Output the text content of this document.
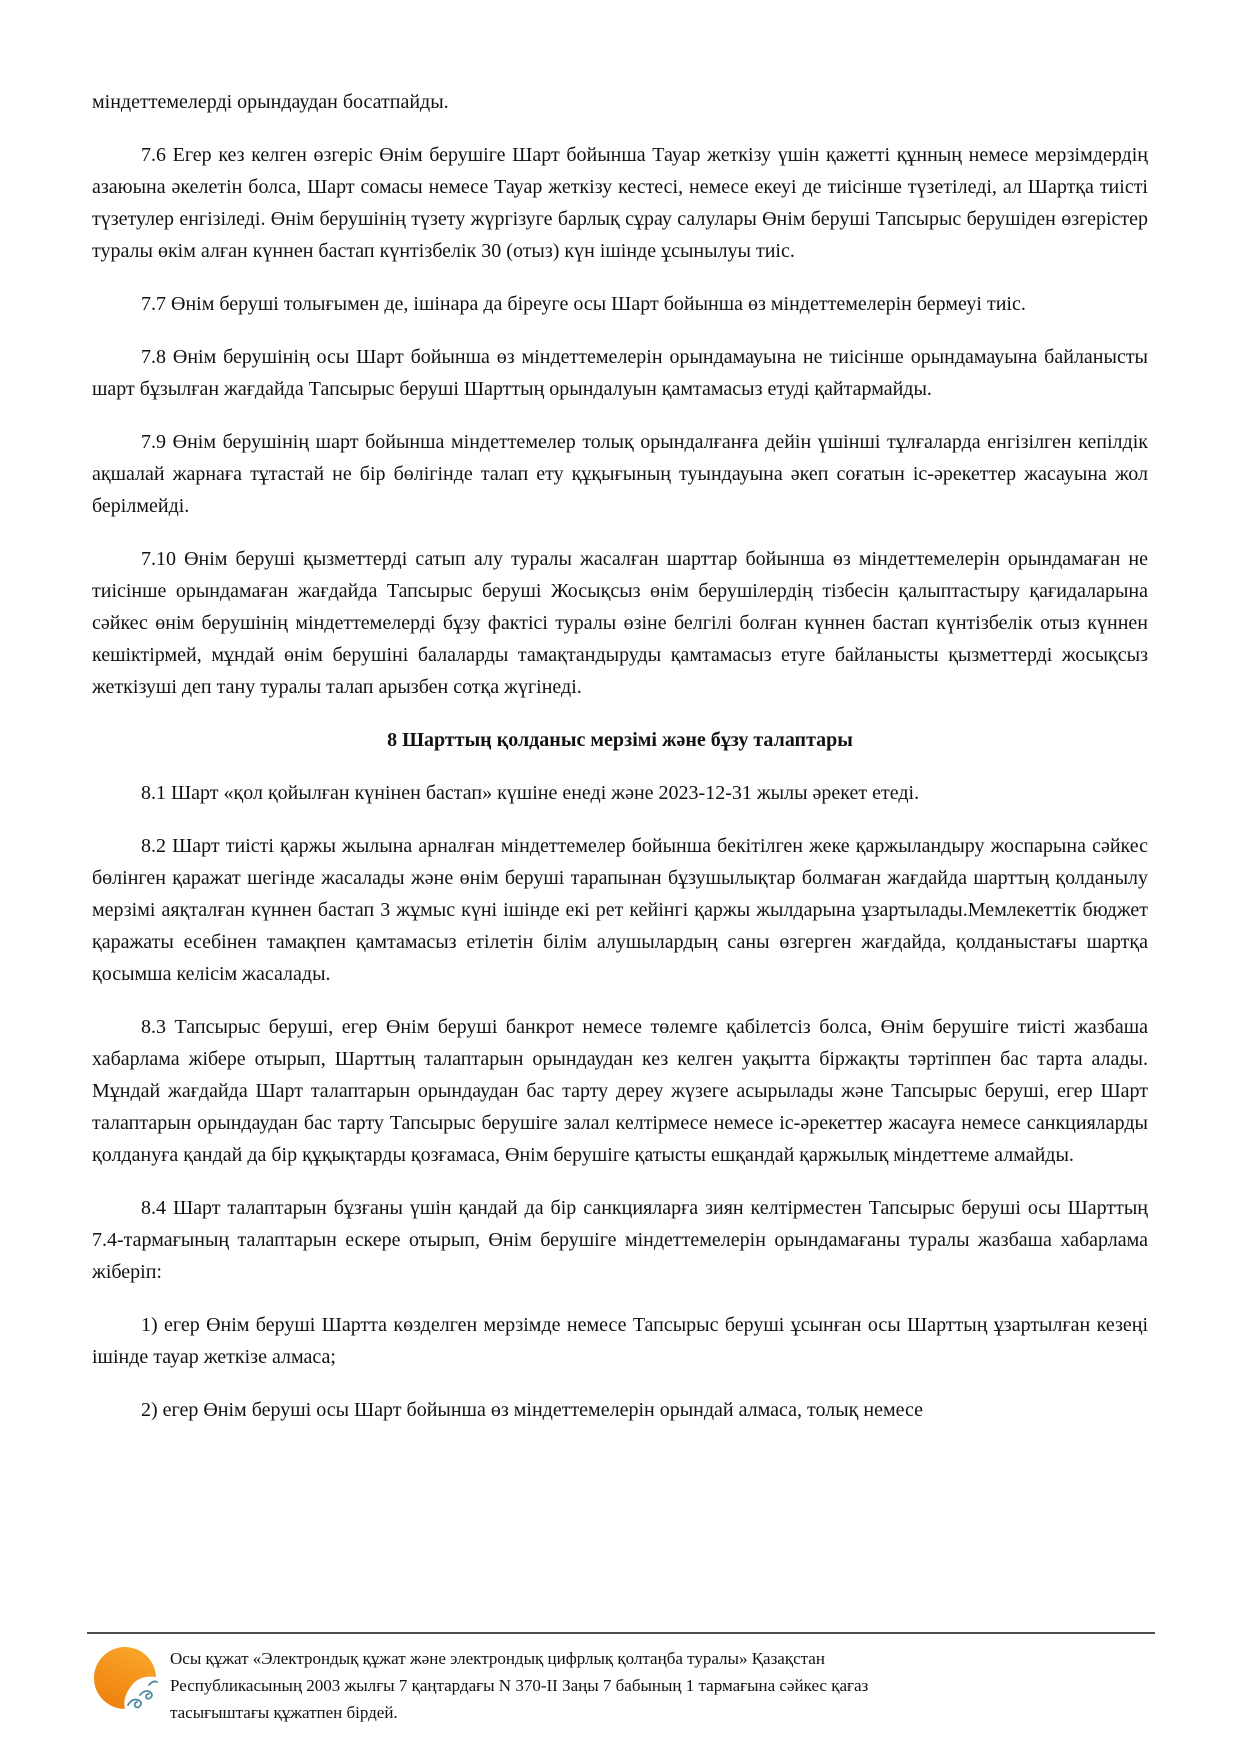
міндеттемелерді орындаудан босатпайды.

7.6 Егер кез келген өзгеріс Өнім берушіге Шарт бойынша Тауар жеткізу үшін қажетті құнның немесе мерзімдердің азаюына әкелетін болса, Шарт сомасы немесе Тауар жеткізу кестесі, немесе екеуі де тиісінше түзетіледі, ал Шартқа тиісті түзетулер енгізіледі. Өнім берушінің түзету жүргізуге барлық сұрау салулары Өнім беруші Тапсырыс берушіден өзгерістер туралы өкім алған күннен бастап күнтізбелік 30 (отыз) күн ішінде ұсынылуы тиіс.

7.7 Өнім беруші толығымен де, ішінара да біреуге осы Шарт бойынша өз міндеттемелерін бермеуі тиіс.

7.8 Өнім берушінің осы Шарт бойынша өз міндеттемелерін орындамауына не тиісінше орындамауына байланысты шарт бұзылған жағдайда Тапсырыс беруші Шарттың орындалуын қамтамасыз етуді қайтармайды.

7.9 Өнім берушінің шарт бойынша міндеттемелер толық орындалғанға дейін үшінші тұлғаларда енгізілген кепілдік ақшалай жарнаға тұтастай не бір бөлігінде талап ету құқығының туындауына әкеп соғатын іс-әрекеттер жасауына жол берілмейді.

7.10 Өнім беруші қызметтерді сатып алу туралы жасалған шарттар бойынша өз міндеттемелерін орындамаған не тиісінше орындамаған жағдайда Тапсырыс беруші Жосықсыз өнім берушілердің тізбесін қалыптастыру қағидаларына сәйкес өнім берушінің міндеттемелерді бұзу фактісі туралы өзіне белгілі болған күннен бастап күнтізбелік отыз күннен кешіктірмей, мұндай өнім берушіні балаларды тамақтандыруды қамтамасыз етуге байланысты қызметтерді жосықсыз жеткізуші деп тану туралы талап арызбен сотқа жүгінеді.

8 Шарттың қолданыс мерзімі және бұзу талаптары

8.1 Шарт «қол қойылған күнінен бастап» күшіне енеді және 2023-12-31 жылы әрекет етеді.

8.2 Шарт тиісті қаржы жылына арналған міндеттемелер бойынша бекітілген жеке қаржыландыру жоспарына сәйкес бөлінген қаражат шегінде жасалады және өнім беруші тарапынан бұзушылықтар болмаған жағдайда шарттың қолданылу мерзімі аяқталған күннен бастап 3 жұмыс күні ішінде екі рет кейінгі қаржы жылдарына ұзартылады.Мемлекеттік бюджет қаражаты есебінен тамақпен қамтамасыз етілетін білім алушылардың саны өзгерген жағдайда, қолданыстағы шартқа қосымша келісім жасалады.

8.3 Тапсырыс беруші, егер Өнім беруші банкрот немесе төлемге қабілетсіз болса, Өнім берушіге тиісті жазбаша хабарлама жібере отырып, Шарттың талаптарын орындаудан кез келген уақытта біржақты тәртіппен бас тарта алады. Мұндай жағдайда Шарт талаптарын орындаудан бас тарту дереу жүзеге асырылады және Тапсырыс беруші, егер Шарт талаптарын орындаудан бас тарту Тапсырыс берушіге залал келтірмесе немесе іс-әрекеттер жасауға немесе санкцияларды қолдануға қандай да бір құқықтарды қозғамаса, Өнім берушіге қатысты ешқандай қаржылық міндеттеме алмайды.

8.4 Шарт талаптарын бұзғаны үшін қандай да бір санкцияларға зиян келтірместен Тапсырыс беруші осы Шарттың 7.4-тармағының талаптарын ескере отырып, Өнім берушіге міндеттемелерін орындамағаны туралы жазбаша хабарлама жіберіп:

1) егер Өнім беруші Шартта көзделген мерзімде немесе Тапсырыс беруші ұсынған осы Шарттың ұзартылған кезеңі ішінде тауар жеткізе алмаса;

2) егер Өнім беруші осы Шарт бойынша өз міндеттемелерін орындай алмаса, толық немесе

Осы құжат «Электрондық құжат және электрондық цифрлық қолтаңба туралы» Қазақстан
Республикасының 2003 жылғы 7 қаңтардағы N 370-II Заңы 7 бабының 1 тармағына сәйкес қағаз
тасығыштағы құжатпен бірдей.
